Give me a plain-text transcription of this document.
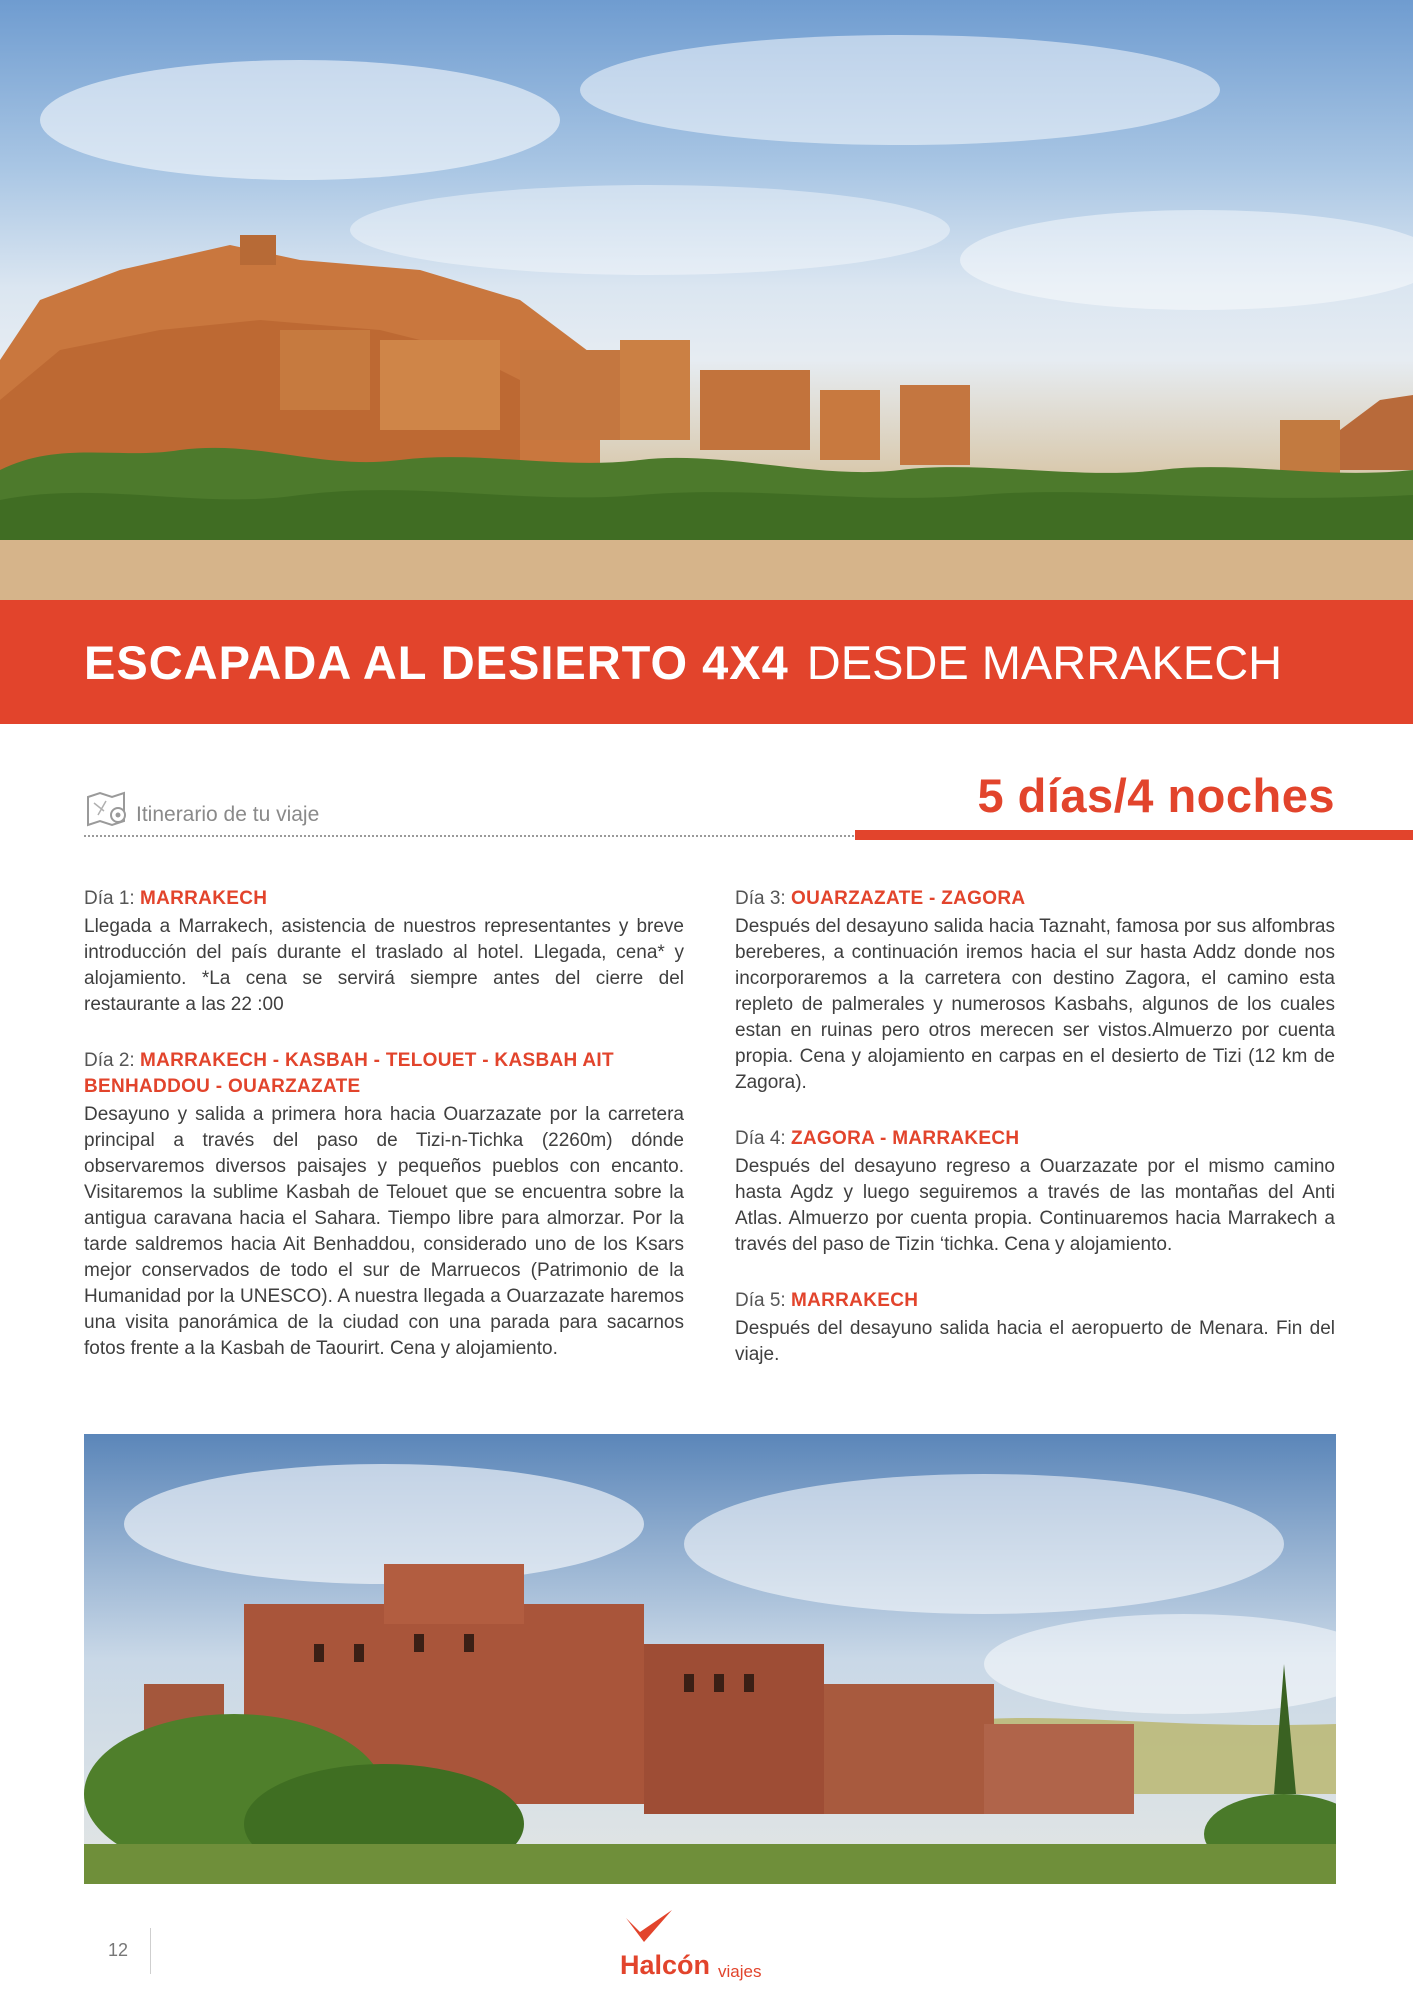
ESCAPADA AL DESIERTO 4X4 DESDE MARRAKECH
Itinerario de tu viaje	5 días/4 noches
Día 1: MARRAKECH
Llegada a Marrakech, asistencia de nuestros representantes y breve introducción del país durante el traslado al hotel. Llegada, cena* y alojamiento. *La cena se servirá siempre antes del cierre del restaurante a las 22 :00
Día 2: MARRAKECH - KASBAH - TELOUET - KASBAH AIT BENHADDOU - OUARZAZATE
Desayuno y salida a primera hora hacia Ouarzazate por la carretera principal a través del paso de Tizi-n-Tichka (2260m) dónde observaremos diversos paisajes y pequeños pueblos con encanto. Visitaremos la sublime Kasbah de Telouet que se encuentra sobre la antigua caravana hacia el Sahara. Tiempo libre para almorzar. Por la tarde saldremos hacia Ait Benhaddou, considerado uno de los Ksars mejor conservados de todo el sur de Marruecos (Patrimonio de la Humanidad por la UNESCO). A nuestra llegada a Ouarzazate haremos una visita panorámica de la ciudad con una parada para sacarnos fotos frente a la Kasbah de Taourirt. Cena y alojamiento.
Día 3: OUARZAZATE - ZAGORA
Después del desayuno salida hacia Taznaht, famosa por sus alfombras bereberes, a continuación iremos hacia el sur hasta Addz donde nos incorporaremos a la carretera con destino Zagora, el camino esta repleto de palmerales y numerosos Kasbahs, algunos de los cuales estan en ruinas pero otros merecen ser vistos.Almuerzo por cuenta propia. Cena y alojamiento en carpas en el desierto de Tizi (12 km de Zagora).
Día 4: ZAGORA - MARRAKECH
Después del desayuno regreso a Ouarzazate por el mismo camino hasta Agdz y luego seguiremos a través de las montañas del Anti Atlas. Almuerzo por cuenta propia. Continuaremos hacia Marrakech a través del paso de Tizin ‘tichka. Cena y alojamiento.
Día 5: MARRAKECH
Después del desayuno salida hacia el aeropuerto de Menara. Fin del viaje.
12	Halcón viajes
